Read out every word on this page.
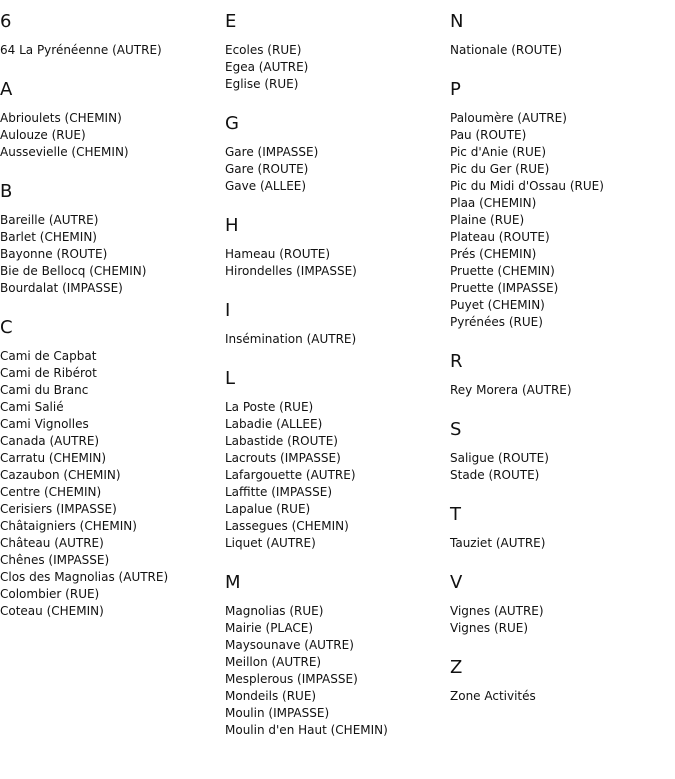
6
64 La Pyrénéenne (AUTRE)
A
Abrioulets (CHEMIN)
Aulouze (RUE)
Aussevielle (CHEMIN)
B
Bareille (AUTRE)
Barlet (CHEMIN)
Bayonne (ROUTE)
Bie de Bellocq (CHEMIN)
Bourdalat (IMPASSE)
C
Cami de Capbat
Cami de Ribérot
Cami du Branc
Cami Salié
Cami Vignolles
Canada (AUTRE)
Carratu (CHEMIN)
Cazaubon (CHEMIN)
Centre (CHEMIN)
Cerisiers (IMPASSE)
Châtaigniers (CHEMIN)
Château (AUTRE)
Chênes (IMPASSE)
Clos des Magnolias (AUTRE)
Colombier (RUE)
Coteau (CHEMIN)
E
Ecoles (RUE)
Egea (AUTRE)
Eglise (RUE)
G
Gare (IMPASSE)
Gare (ROUTE)
Gave (ALLEE)
H
Hameau (ROUTE)
Hirondelles (IMPASSE)
I
Insémination (AUTRE)
L
La Poste (RUE)
Labadie (ALLEE)
Labastide (ROUTE)
Lacrouts (IMPASSE)
Lafargouette (AUTRE)
Laffitte (IMPASSE)
Lapalue (RUE)
Lassegues (CHEMIN)
Liquet (AUTRE)
M
Magnolias (RUE)
Mairie (PLACE)
Maysounave (AUTRE)
Meillon (AUTRE)
Mesplerous (IMPASSE)
Mondeils (RUE)
Moulin (IMPASSE)
Moulin d'en Haut (CHEMIN)
N
Nationale (ROUTE)
P
Paloumère (AUTRE)
Pau (ROUTE)
Pic d'Anie (RUE)
Pic du Ger (RUE)
Pic du Midi d'Ossau (RUE)
Plaa (CHEMIN)
Plaine (RUE)
Plateau (ROUTE)
Prés (CHEMIN)
Pruette (CHEMIN)
Pruette (IMPASSE)
Puyet (CHEMIN)
Pyrénées (RUE)
R
Rey Morera (AUTRE)
S
Saligue (ROUTE)
Stade (ROUTE)
T
Tauziet (AUTRE)
V
Vignes (AUTRE)
Vignes (RUE)
Z
Zone Activités
